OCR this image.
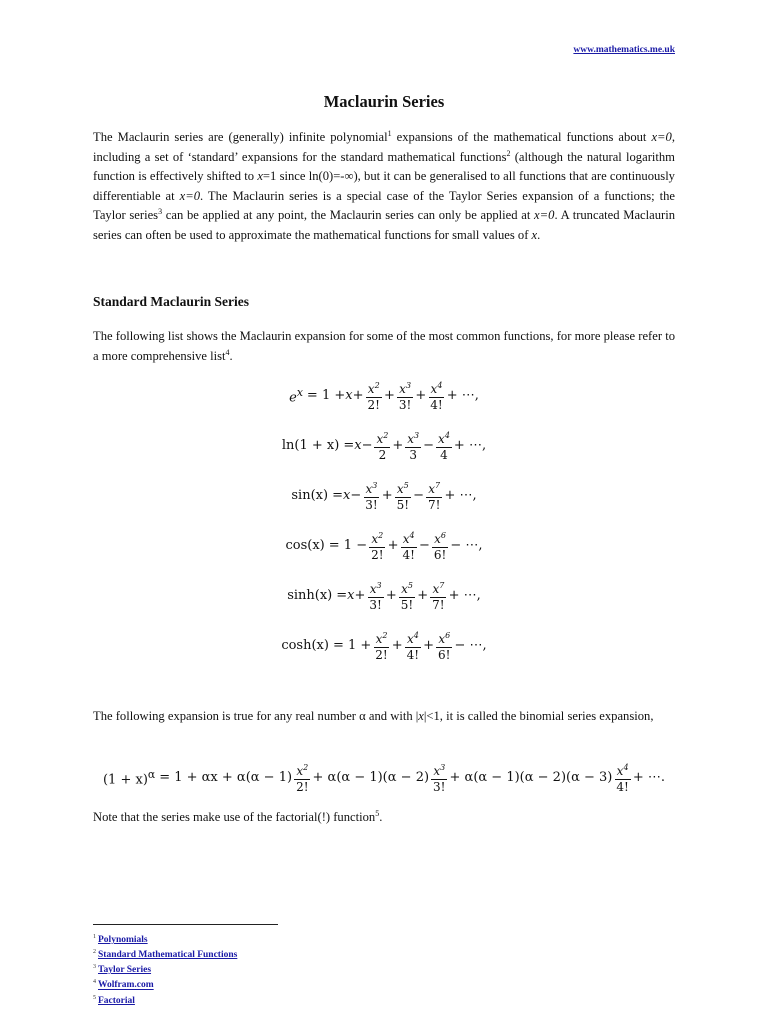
www.mathematics.me.uk
Maclaurin Series
The Maclaurin series are (generally) infinite polynomial$^1$ expansions of the mathematical functions about x=0, including a set of ‘standard’ expansions for the standard mathematical functions$^2$ (although the natural logarithm function is effectively shifted to x=1 since ln(0)=-∞), but it can be generalised to all functions that are continuously differentiable at x=0. The Maclaurin series is a special case of the Taylor Series expansion of a functions; the Taylor series$^3$ can be applied at any point, the Maclaurin series can only be applied at x=0. A truncated Maclaurin series can often be used to approximate the mathematical functions for small values of x.
Standard Maclaurin Series
The following list shows the Maclaurin expansion for some of the most common functions, for more please refer to a more comprehensive list$^4$.
$e^x = 1 + x + \frac{x^2}{2!} + \frac{x^3}{3!} + \frac{x^4}{4!}$ + ⋯,
$\ln(1 + x) = x - \frac{x^2}{2} + \frac{x^3}{3} - \frac{x^4}{4}$ + ⋯,
$\sin(x) = x - \frac{x^3}{3!} + \frac{x^5}{5!} - \frac{x^7}{7!}$ + ⋯,
$\cos(x) = 1 - \frac{x^2}{2!} + \frac{x^4}{4!} - \frac{x^6}{6!}$ − ⋯,
$\sinh(x) = x + \frac{x^3}{3!} + \frac{x^5}{5!} + \frac{x^7}{7!}$ + ⋯,
$\cosh(x) = 1 + \frac{x^2}{2!} + \frac{x^4}{4!} + \frac{x^6}{6!}$ − ⋯,
The following expansion is true for any real number α and with |x|<1, it is called the binomial series expansion,
$(1 + x)^\alpha = 1 + \alpha x + \alpha(\alpha - 1) \frac{x^2}{2!} + \alpha(\alpha - 1)(\alpha - 2) \frac{x^3}{3!} + \alpha(\alpha - 1)(\alpha - 2)(\alpha - 3) \frac{x^4}{4!}$ + ⋯.
Note that the series make use of the factorial(!) function$^5$.
$^1$ Polynomials
$^2$ Standard Mathematical Functions
$^3$ Taylor Series
$^4$ Wolfram.com
$^5$ Factorial
